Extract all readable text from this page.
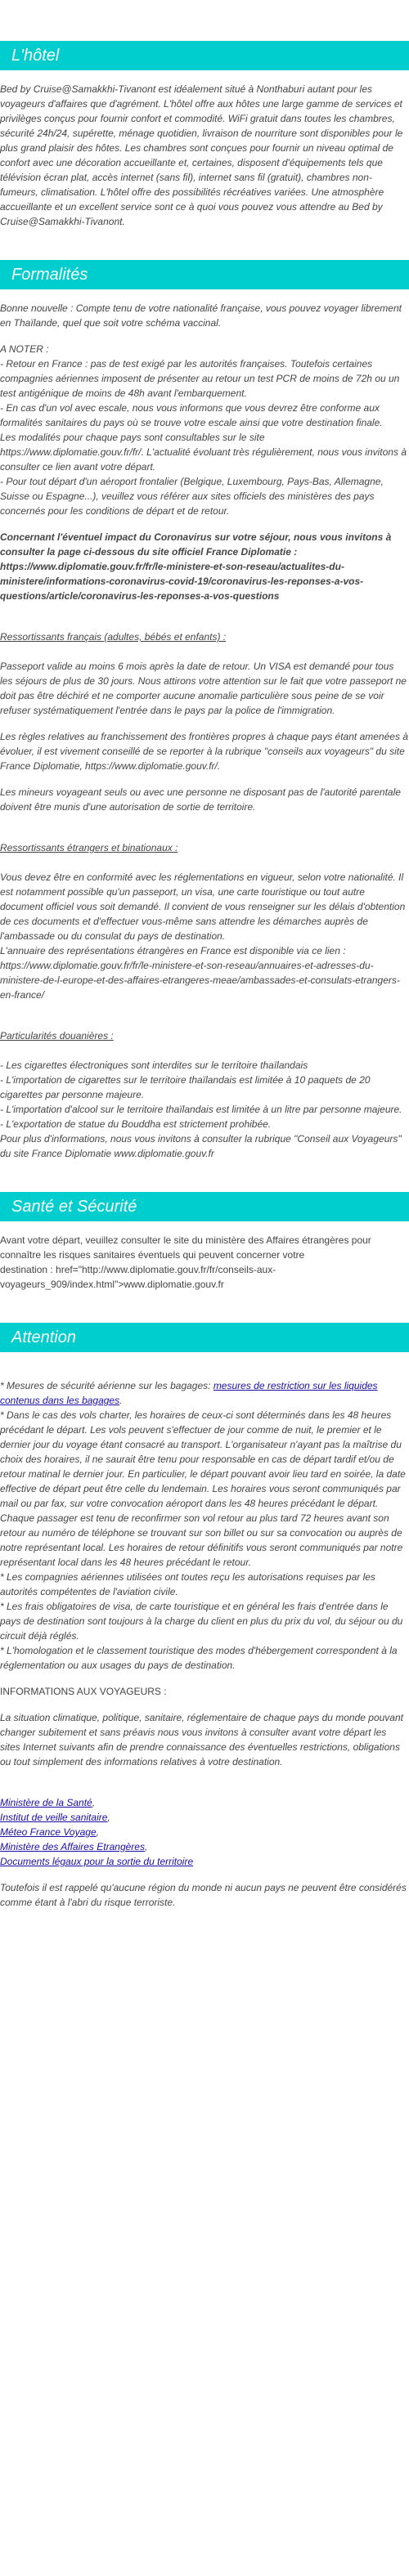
L'hôtel
Bed by Cruise@Samakkhi-Tivanont est idéalement situé à Nonthaburi autant pour les voyageurs d'affaires que d'agrément. L'hôtel offre aux hôtes une large gamme de services et privilèges conçus pour fournir confort et commodité. WiFi gratuit dans toutes les chambres, sécurité 24h/24, supérette, ménage quotidien, livraison de nourriture sont disponibles pour le plus grand plaisir des hôtes. Les chambres sont conçues pour fournir un niveau optimal de confort avec une décoration accueillante et, certaines, disposent d'équipements tels que télévision écran plat, accès internet (sans fil), internet sans fil (gratuit), chambres non-fumeurs, climatisation. L'hôtel offre des possibilités récréatives variées. Une atmosphère accueillante et un excellent service sont ce à quoi vous pouvez vous attendre au Bed by Cruise@Samakkhi-Tivanont.
Formalités
Bonne nouvelle : Compte tenu de votre nationalité française, vous pouvez voyager librement en Thaïlande, quel que soit votre schéma vaccinal.
A NOTER :
- Retour en France : pas de test exigé par les autorités françaises. Toutefois certaines compagnies aériennes imposent de présenter au retour un test PCR de moins de 72h ou un test antigénique de moins de 48h avant l'embarquement.
- En cas d'un vol avec escale, nous vous informons que vous devrez être conforme aux formalités sanitaires du pays où se trouve votre escale ainsi que votre destination finale.
Les modalités pour chaque pays sont consultables sur le site https://www.diplomatie.gouv.fr/fr/. L'actualité évoluant très régulièrement, nous vous invitons à consulter ce lien avant votre départ.
- Pour tout départ d'un aéroport frontalier (Belgique, Luxembourg, Pays-Bas, Allemagne, Suisse ou Espagne...), veuillez vous référer aux sites officiels des ministères des pays concernés pour les conditions de départ et de retour.
Concernant l'éventuel impact du Coronavirus sur votre séjour, nous vous invitons à consulter la page ci-dessous du site officiel France Diplomatie : https://www.diplomatie.gouv.fr/fr/le-ministere-et-son-reseau/actualites-du-ministere/informations-coronavirus-covid-19/coronavirus-les-reponses-a-vos-questions/article/coronavirus-les-reponses-a-vos-questions

Ressortissants français (adultes, bébés et enfants) :

Passeport valide au moins 6 mois après la date de retour. Un VISA est demandé pour tous les séjours de plus de 30 jours. Nous attirons votre attention sur le fait que votre passeport ne doit pas être déchiré et ne comporter aucune anomalie particulière sous peine de se voir refuser systématiquement l'entrée dans le pays par la police de l'immigration.

Les règles relatives au franchissement des frontières propres à chaque pays étant amenées à évoluer, il est vivement conseillé de se reporter à la rubrique "conseils aux voyageurs" du site France Diplomatie, https://www.diplomatie.gouv.fr/.
Les mineurs voyageant seuls ou avec une personne ne disposant pas de l'autorité parentale doivent être munis d'une autorisation de sortie de territoire.

Ressortissants étrangers et binationaux :

Vous devez être en conformité avec les réglementations en vigueur, selon votre nationalité. Il est notamment possible qu'un passeport, un visa, une carte touristique ou tout autre document officiel vous soit demandé. Il convient de vous renseigner sur les délais d'obtention de ces documents et d'effectuer vous-même sans attendre les démarches auprès de l'ambassade ou du consulat du pays de destination.
L'annuaire des représentations étrangères en France est disponible via ce lien : https://www.diplomatie.gouv.fr/fr/le-ministere-et-son-reseau/annuaires-et-adresses-du-ministere-de-l-europe-et-des-affaires-etrangeres-meae/ambassades-et-consulats-etrangers-en-france/

Particularités douanières :

- Les cigarettes électroniques sont interdites sur le territoire thaïlandais
- L'importation de cigarettes sur le territoire thaïlandais est limitée à 10 paquets de 20 cigarettes par personne majeure.
- L'importation d'alcool sur le territoire thaïlandais est limitée à un litre par personne majeure.
- L'exportation de statue du Bouddha est strictement prohibée.
Pour plus d'informations, nous vous invitons à consulter la rubrique "Conseil aux Voyageurs" du site France Diplomatie www.diplomatie.gouv.fr

Santé et Sécurité
Avant votre départ, veuillez consulter le site du ministère des Affaires étrangères pour connaître les risques sanitaires éventuels qui peuvent concerner votre
destination : href="http://www.diplomatie.gouv.fr/fr/conseils-aux-voyageurs_909/index.html">www.diplomatie.gouv.fr
Attention

* Mesures de sécurité aérienne sur les bagages: mesures de restriction sur les liquides contenus dans les bagages.

* Dans le cas des vols charter, les horaires de ceux-ci sont déterminés dans les 48 heures précédant le départ. Les vols peuvent s'effectuer de jour comme de nuit, le premier et le dernier jour du voyage étant consacré au transport. L'organisateur n'ayant pas la maîtrise du choix des horaires, il ne saurait être tenu pour responsable en cas de départ tardif et/ou de retour matinal le dernier jour. En particulier, le départ pouvant avoir lieu tard en soirée, la date effective de départ peut être celle du lendemain. Les horaires vous seront communiqués par mail ou par fax, sur votre convocation aéroport dans les 48 heures précédant le départ. Chaque passager est tenu de reconfirmer son vol retour au plus tard 72 heures avant son retour au numéro de téléphone se trouvant sur son billet ou sur sa convocation ou auprès de notre représentant local. Les horaires de retour définitifs vous seront communiqués par notre représentant local dans les 48 heures précédant le retour.
* Les compagnies aériennes utilisées ont toutes reçu les autorisations requises par les autorités compétentes de l'aviation civile.
* Les frais obligatoires de visa, de carte touristique et en général les frais d'entrée dans le pays de destination sont toujours à la charge du client en plus du prix du vol, du séjour ou du circuit déjà réglés.
* L'homologation et le classement touristique des modes d'hébergement correspondent à la réglementation ou aux usages du pays de destination.
INFORMATIONS AUX VOYAGEURS :
La situation climatique, politique, sanitaire, réglementaire de chaque pays du monde pouvant changer subitement et sans préavis nous vous invitons à consulter avant votre départ les sites Internet suivants afin de prendre connaissance des éventuelles restrictions, obligations ou tout simplement des informations relatives à votre destination.

Ministère de la Santé,
Institut de veille sanitaire,
Méteo France Voyage,
Ministère des Affaires Etrangères,
Documents légaux pour la sortie du territoire

Toutefois il est rappelé qu'aucune région du monde ni aucun pays ne peuvent être considérés comme étant à l'abri du risque terroriste.
